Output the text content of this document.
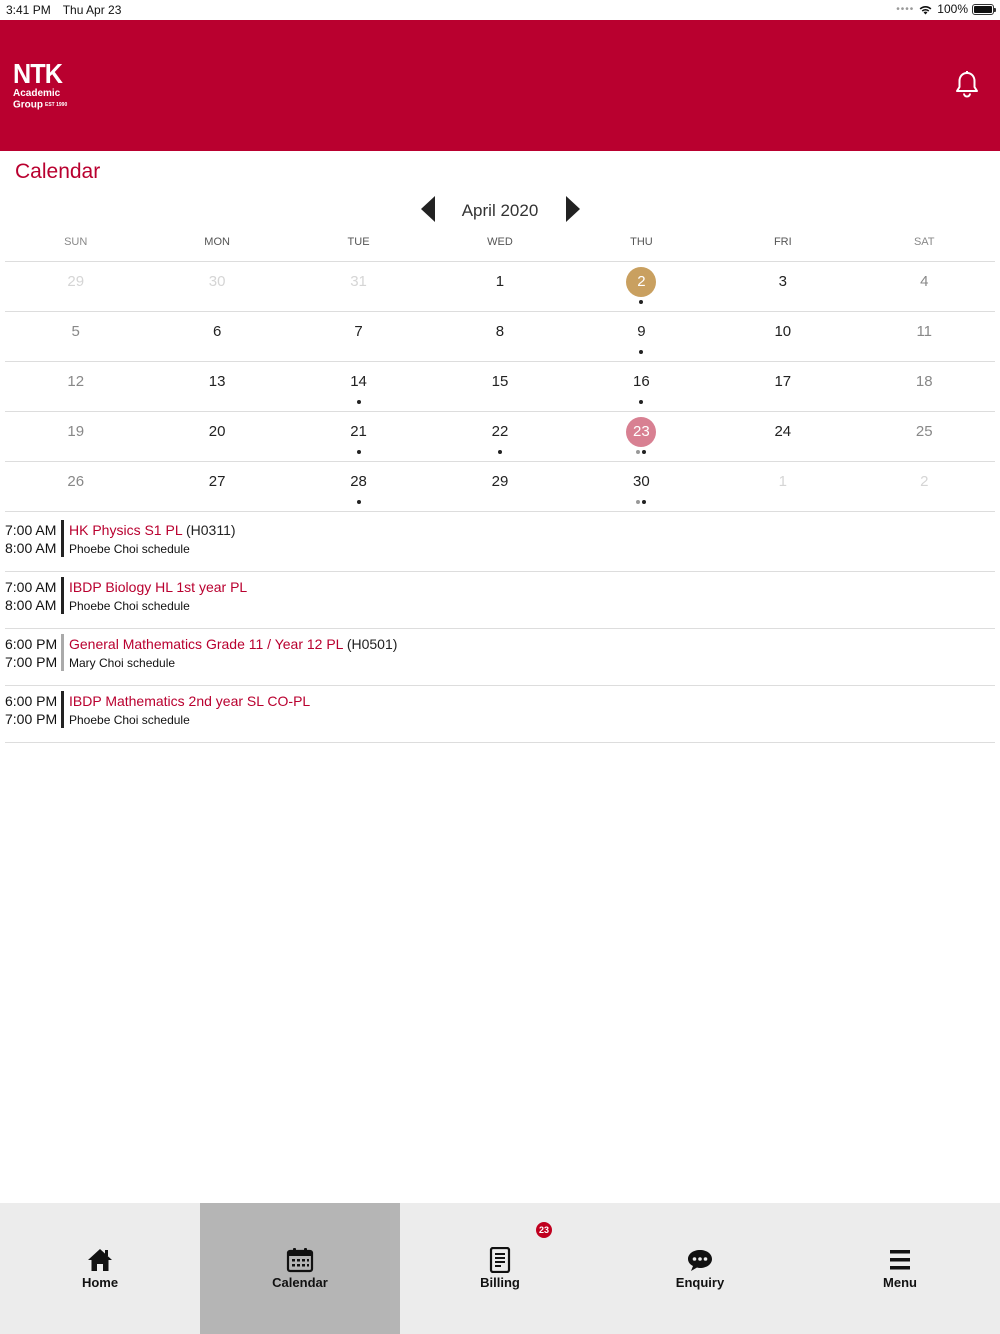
3:41 PM Thu Apr 23	•••• 100%
NTK
Academic
Group EST 1990
Calendar
April 2020
SUN	MON	TUE	WED	THU	FRI	SAT
29	30	31	1	2	3	4
5	6	7	8	9	10	11
12	13	14	15	16	17	18
19	20	21	22	23	24	25
26	27	28	29	30	1	2
7:00 AM
8:00 AM
HK Physics S1 PL (H0311)
Phoebe Choi schedule
7:00 AM
8:00 AM
IBDP Biology HL 1st year PL
Phoebe Choi schedule
6:00 PM
7:00 PM
General Mathematics Grade 11 / Year 12 PL (H0501)
Mary Choi schedule
6:00 PM
7:00 PM
IBDP Mathematics 2nd year SL CO-PL
Phoebe Choi schedule
Home	Calendar
23
Billing	Enquiry	Menu
